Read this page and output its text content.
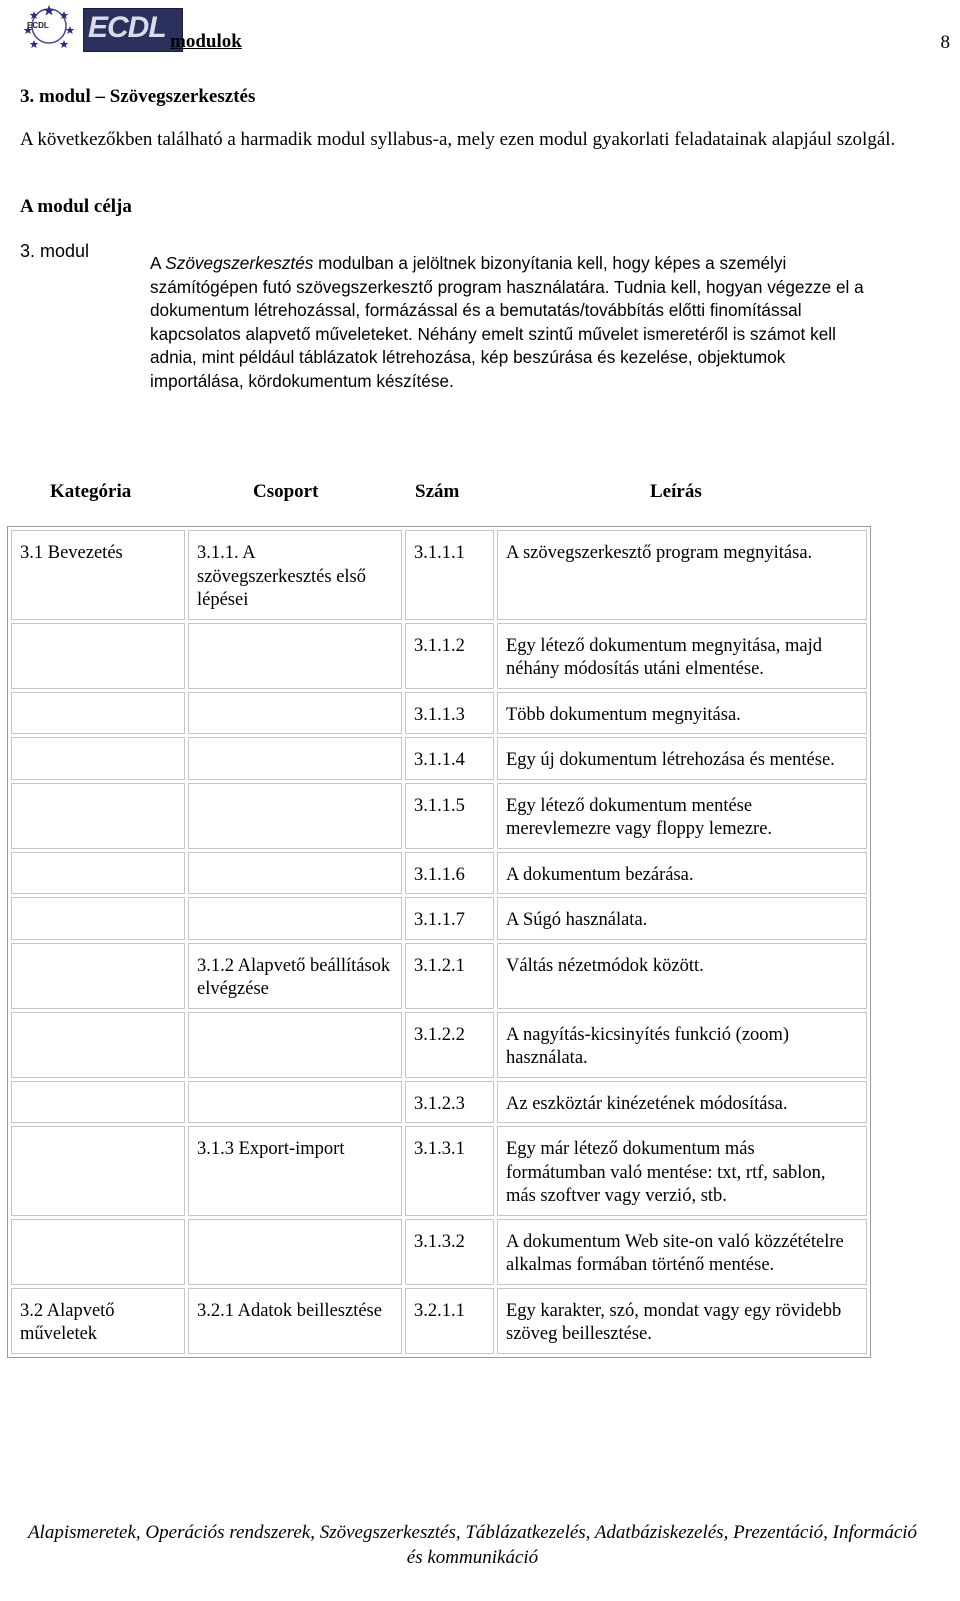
ECDL ECDL modulok	8
3. modul – Szövegszerkesztés
A következőkben található a harmadik modul syllabus-a, mely ezen modul gyakorlati feladatainak alapjául szolgál.
A modul célja
3. modul
A Szövegszerkesztés modulban a jelöltnek bizonyítania kell, hogy képes a személyi számítógépen futó szövegszerkesztő program használatára. Tudnia kell, hogyan végezze el a dokumentum létrehozással, formázással és a bemutatás/továbbítás előtti finomítással kapcsolatos alapvető műveleteket. Néhány emelt szintű művelet ismeretéről is számot kell adnia, mint például táblázatok létrehozása, kép beszúrása és kezelése, objektumok importálása, kördokumentum készítése.
Kategória	Csoport	Szám	Leírás
3.1 Bevezetés	3.1.1. A szövegszerkesztés első lépései	3.1.1.1	A szövegszerkesztő program megnyitása.
		3.1.1.2	Egy létező dokumentum megnyitása, majd néhány módosítás utáni elmentése.
		3.1.1.3	Több dokumentum megnyitása.
		3.1.1.4	Egy új dokumentum létrehozása és mentése.
		3.1.1.5	Egy létező dokumentum mentése merevlemezre vagy floppy lemezre.
		3.1.1.6	A dokumentum bezárása.
		3.1.1.7	A Súgó használata.
	3.1.2 Alapvető beállítások elvégzése	3.1.2.1	Váltás nézetmódok között.
		3.1.2.2	A nagyítás-kicsinyítés funkció (zoom) használata.
		3.1.2.3	Az eszköztár kinézetének módosítása.
	3.1.3 Export-import	3.1.3.1	Egy már létező dokumentum más formátumban való mentése: txt, rtf, sablon, más szoftver vagy verzió, stb.
		3.1.3.2	A dokumentum Web site-on való közzétételre alkalmas formában történő mentése.
3.2 Alapvető műveletek	3.2.1 Adatok beillesztése	3.2.1.1	Egy karakter, szó, mondat vagy egy rövidebb szöveg beillesztése.
Alapismeretek, Operációs rendszerek, Szövegszerkesztés, Táblázatkezelés, Adatbáziskezelés, Prezentáció, Információ és kommunikáció
